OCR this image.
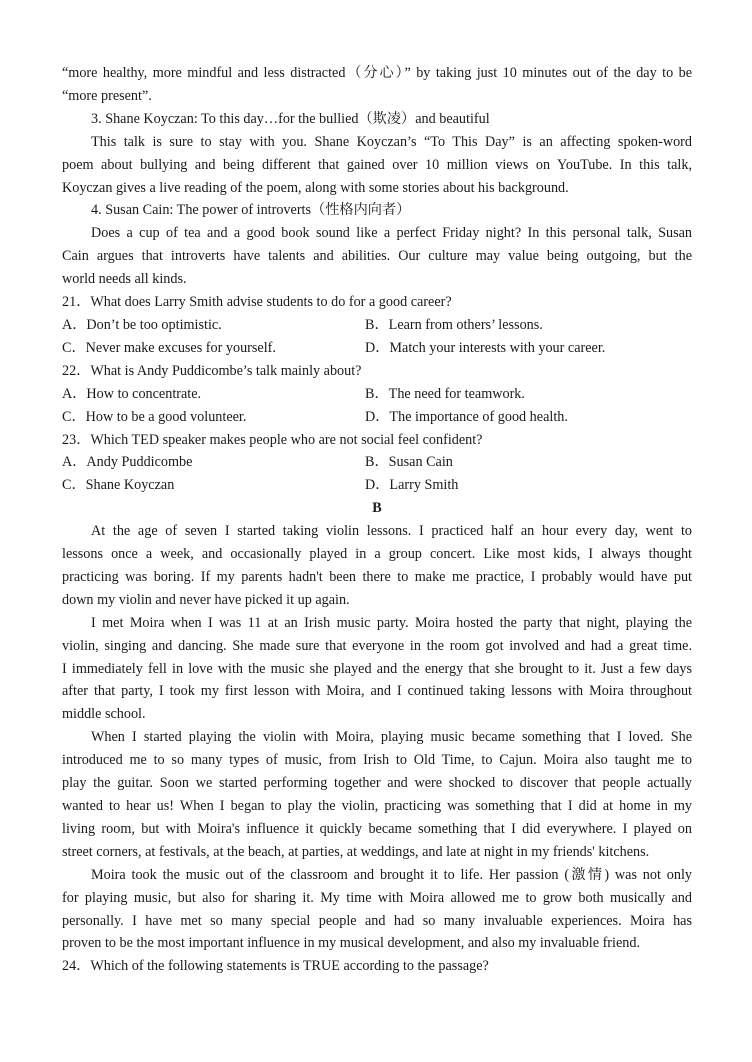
“more healthy, more mindful and less distracted（分心）” by taking just 10 minutes out of the day to be

“more present”.

3. Shane Koyczan: To this day…for the bullied（欺凌）and beautiful

This talk is sure to stay with you. Shane Koyczan’s “To This Day” is an affecting spoken-word

poem about bullying and being different that gained over 10 million views on YouTube. In this talk,

Koyczan gives a live reading of the poem, along with some stories about his background.

4. Susan Cain: The power of introverts（性格内向者）

Does a cup of tea and a good book sound like a perfect Friday night? In this personal talk, Susan

Cain argues that introverts have talents and abilities. Our culture may value being outgoing, but the

world needs all kinds.

21．What does Larry Smith advise students to do for a good career?

A．Don’t be too optimistic.	B．Learn from others’ lessons.
C．Never make excuses for yourself.	D．Match your interests with your career.

22．What is Andy Puddicombe’s talk mainly about?

A．How to concentrate.	B．The need for teamwork.
C．How to be a good volunteer.	D．The importance of good health.

23．Which TED speaker makes people who are not social feel confident?

A．Andy Puddicombe	B．Susan Cain
C．Shane Koyczan	D．Larry Smith

B

At the age of seven I started taking violin lessons. I practiced half an hour every day, went to

lessons once a week, and occasionally played in a group concert. Like most kids, I always thought

practicing was boring. If my parents hadn't been there to make me practice, I probably would have put

down my violin and never have picked it up again.

I met Moira when I was 11 at an Irish music party. Moira hosted the party that night, playing the

violin, singing and dancing. She made sure that everyone in the room got involved and had a great time.

I immediately fell in love with the music she played and the energy that she brought to it. Just a few days

after that party, I took my first lesson with Moira, and I continued taking lessons with Moira throughout

middle school.

When I started playing the violin with Moira, playing music became something that I loved. She

introduced me to so many types of music, from Irish to Old Time, to Cajun. Moira also taught me to

play the guitar. Soon we started performing together and were shocked to discover that people actually

wanted to hear us! When I began to play the violin, practicing was something that I did at home in my

living room, but with Moira's influence it quickly became something that I did everywhere. I played on

street corners, at festivals, at the beach, at parties, at weddings, and late at night in my friends' kitchens.

Moira took the music out of the classroom and brought it to life. Her passion (激情) was not only

for playing music, but also for sharing it. My time with Moira allowed me to grow both musically and

personally. I have met so many special people and had so many invaluable experiences. Moira has

proven to be the most important influence in my musical development, and also my invaluable friend.

24．Which of the following statements is TRUE according to the passage?
